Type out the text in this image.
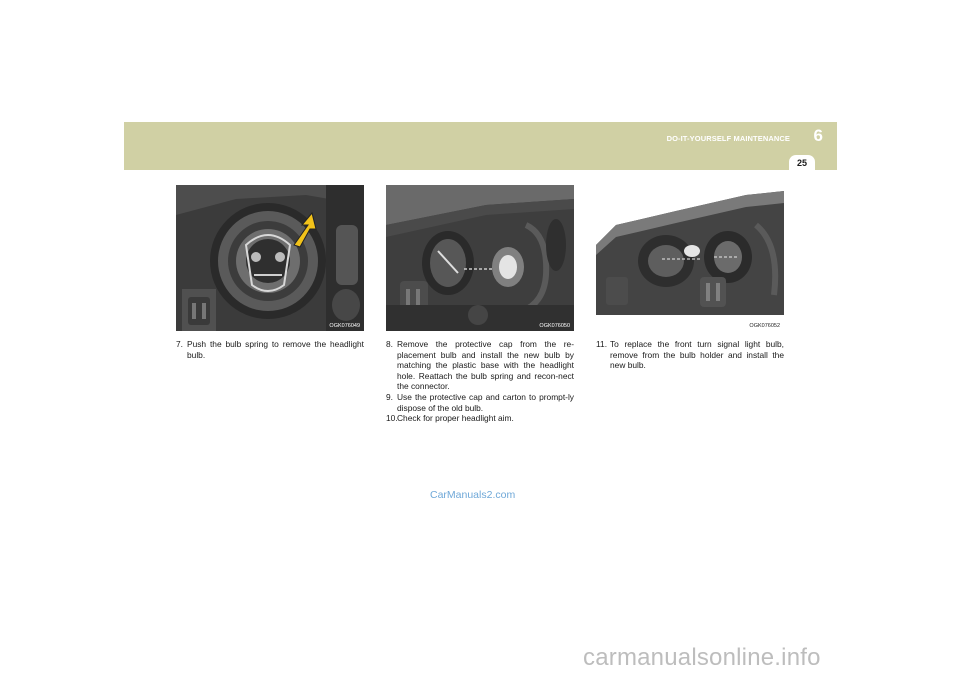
DO-IT-YOURSELF MAINTENANCE 6
25
OGK076049	OGK076050	OGK076052
7. Push the bulb spring to remove the headlight bulb.
8. Remove the protective cap from the re-placement bulb and install the new bulb by matching the plastic base with the headlight hole. Reattach the bulb spring and recon-nect the connector.
9. Use the protective cap and carton to prompt-ly dispose of the old bulb.
10. Check for proper headlight aim.
11. To replace the front turn signal light bulb, remove from the bulb holder and install the new bulb.
CarManuals2.com
carmanualsonline.info
